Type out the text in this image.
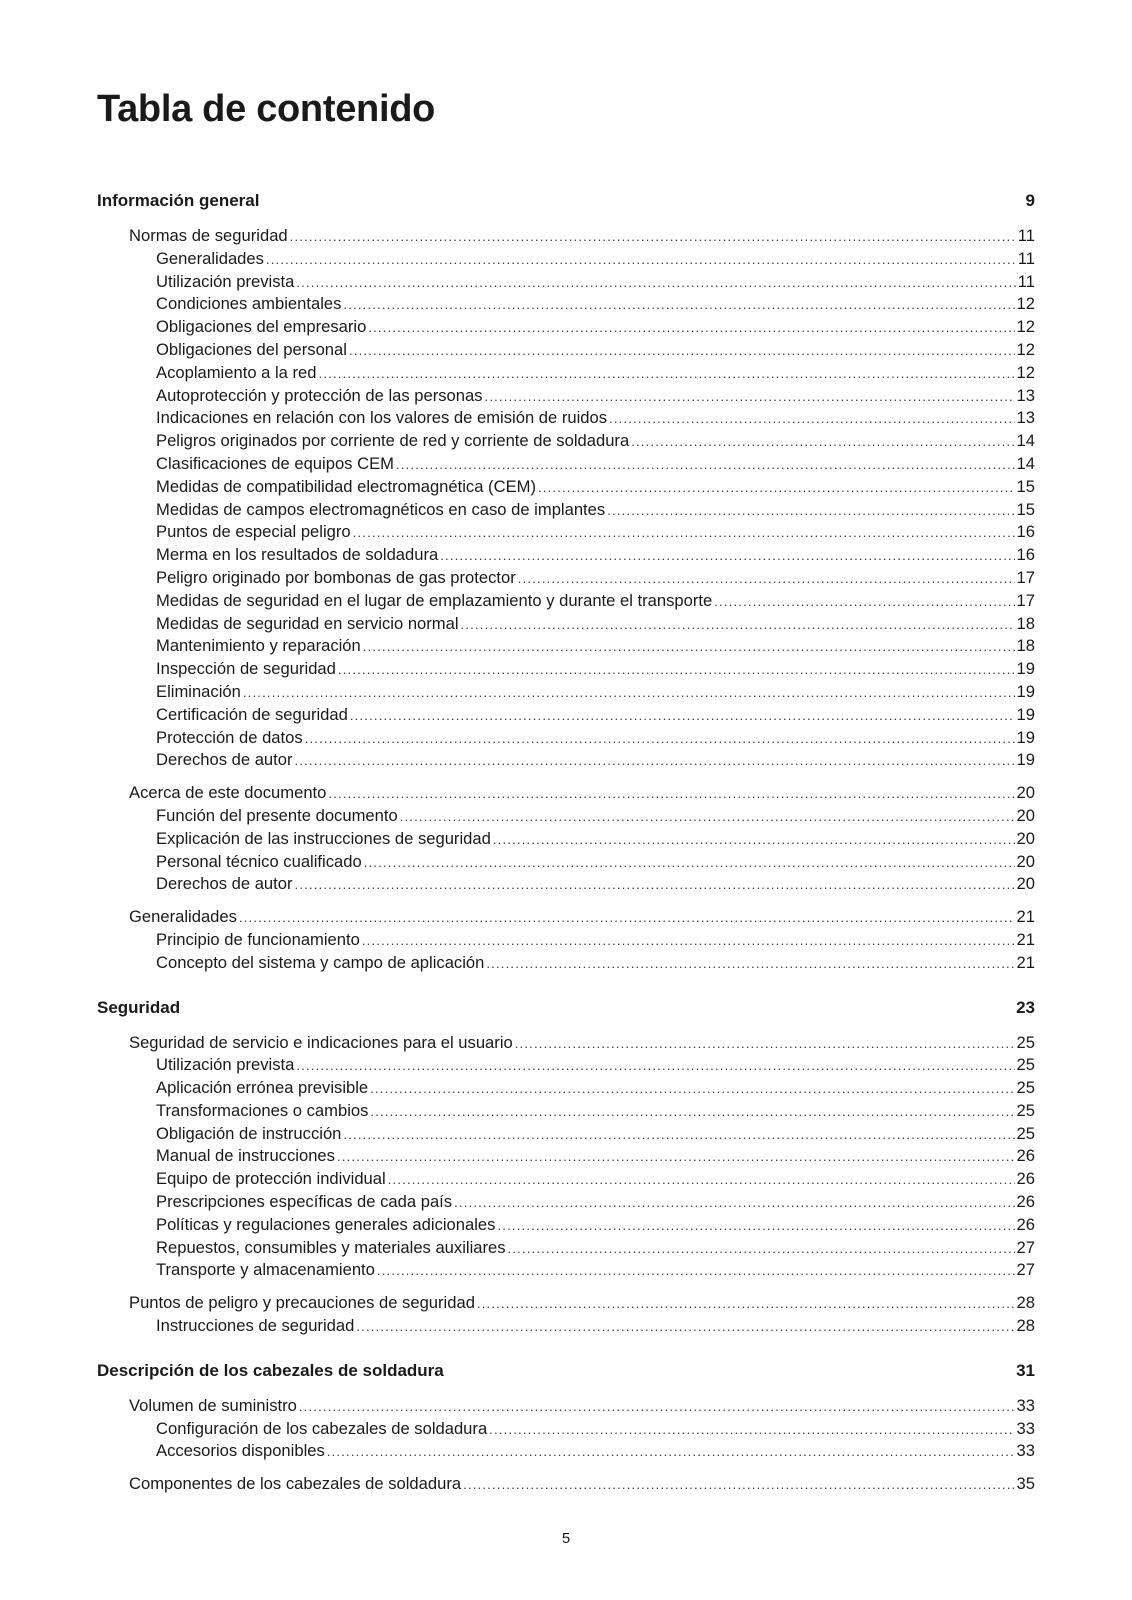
Tabla de contenido
Información general	9
Normas de seguridad .....	11
Generalidades .....	11
Utilización prevista .....	11
Condiciones ambientales .....	12
Obligaciones del empresario .....	12
Obligaciones del personal .....	12
Acoplamiento a la red .....	12
Autoprotección y protección de las personas .....	13
Indicaciones en relación con los valores de emisión de ruidos .....	13
Peligros originados por corriente de red y corriente de soldadura .....	14
Clasificaciones de equipos CEM .....	14
Medidas de compatibilidad electromagnética (CEM) .....	15
Medidas de campos electromagnéticos en caso de implantes .....	15
Puntos de especial peligro .....	16
Merma en los resultados de soldadura .....	16
Peligro originado por bombonas de gas protector .....	17
Medidas de seguridad en el lugar de emplazamiento y durante el transporte .....	17
Medidas de seguridad en servicio normal .....	18
Mantenimiento y reparación .....	18
Inspección de seguridad .....	19
Eliminación .....	19
Certificación de seguridad .....	19
Protección de datos .....	19
Derechos de autor .....	19
Acerca de este documento .....	20
Función del presente documento .....	20
Explicación de las instrucciones de seguridad .....	20
Personal técnico cualificado .....	20
Derechos de autor .....	20
Generalidades .....	21
Principio de funcionamiento .....	21
Concepto del sistema y campo de aplicación .....	21
Seguridad	23
Seguridad de servicio e indicaciones para el usuario .....	25
Utilización prevista .....	25
Aplicación errónea previsible .....	25
Transformaciones o cambios .....	25
Obligación de instrucción .....	25
Manual de instrucciones .....	26
Equipo de protección individual .....	26
Prescripciones específicas de cada país .....	26
Políticas y regulaciones generales adicionales .....	26
Repuestos, consumibles y materiales auxiliares .....	27
Transporte y almacenamiento .....	27
Puntos de peligro y precauciones de seguridad .....	28
Instrucciones de seguridad .....	28
Descripción de los cabezales de soldadura	31
Volumen de suministro .....	33
Configuración de los cabezales de soldadura .....	33
Accesorios disponibles .....	33
Componentes de los cabezales de soldadura .....	35
5
